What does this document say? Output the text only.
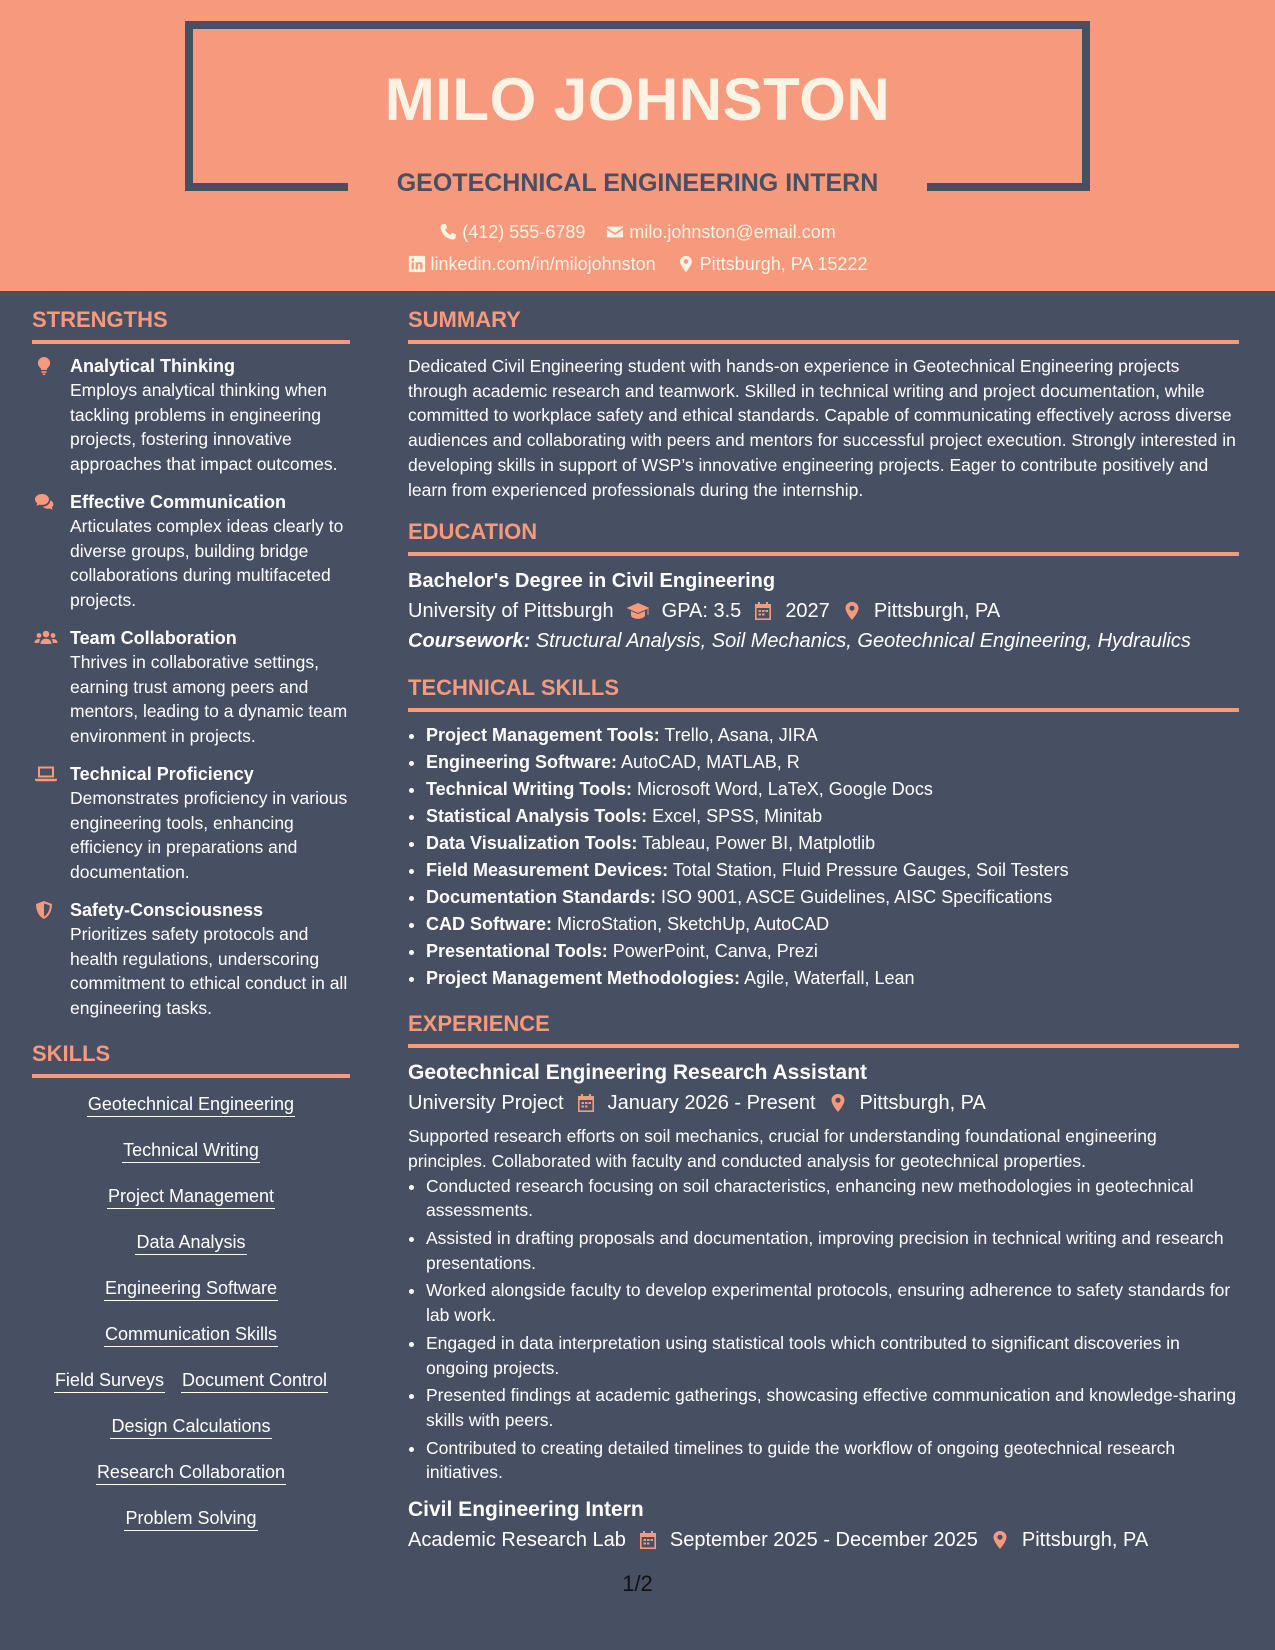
MILO JOHNSTON
GEOTECHNICAL ENGINEERING INTERN
(412) 555-6789
milo.johnston@email.com
linkedin.com/in/milojohnston
Pittsburgh, PA 15222
STRENGTHS
Analytical Thinking
Employs analytical thinking when tackling problems in engineering projects, fostering innovative approaches that impact outcomes.
Effective Communication
Articulates complex ideas clearly to diverse groups, building bridge collaborations during multifaceted projects.
Team Collaboration
Thrives in collaborative settings, earning trust among peers and mentors, leading to a dynamic team environment in projects.
Technical Proficiency
Demonstrates proficiency in various engineering tools, enhancing efficiency in preparations and documentation.
Safety-Consciousness
Prioritizes safety protocols and health regulations, underscoring commitment to ethical conduct in all engineering tasks.
SKILLS
Geotechnical Engineering
Technical Writing
Project Management
Data Analysis
Engineering Software
Communication Skills
Field Surveys Document Control
Design Calculations
Research Collaboration
Problem Solving
SUMMARY
Dedicated Civil Engineering student with hands-on experience in Geotechnical Engineering projects through academic research and teamwork. Skilled in technical writing and project documentation, while committed to workplace safety and ethical standards. Capable of communicating effectively across diverse audiences and collaborating with peers and mentors for successful project execution. Strongly interested in developing skills in support of WSP’s innovative engineering projects. Eager to contribute positively and learn from experienced professionals during the internship.
EDUCATION
Bachelor's Degree in Civil Engineering
University of Pittsburgh GPA: 3.5 2027 Pittsburgh, PA
Coursework: Structural Analysis, Soil Mechanics, Geotechnical Engineering, Hydraulics
TECHNICAL SKILLS
• Project Management Tools: Trello, Asana, JIRA
• Engineering Software: AutoCAD, MATLAB, R
• Technical Writing Tools: Microsoft Word, LaTeX, Google Docs
• Statistical Analysis Tools: Excel, SPSS, Minitab
• Data Visualization Tools: Tableau, Power BI, Matplotlib
• Field Measurement Devices: Total Station, Fluid Pressure Gauges, Soil Testers
• Documentation Standards: ISO 9001, ASCE Guidelines, AISC Specifications
• CAD Software: MicroStation, SketchUp, AutoCAD
• Presentational Tools: PowerPoint, Canva, Prezi
• Project Management Methodologies: Agile, Waterfall, Lean
EXPERIENCE
Geotechnical Engineering Research Assistant
University Project January 2026 - Present Pittsburgh, PA
Supported research efforts on soil mechanics, crucial for understanding foundational engineering principles. Collaborated with faculty and conducted analysis for geotechnical properties.
• Conducted research focusing on soil characteristics, enhancing new methodologies in geotechnical assessments.
• Assisted in drafting proposals and documentation, improving precision in technical writing and research presentations.
• Worked alongside faculty to develop experimental protocols, ensuring adherence to safety standards for lab work.
• Engaged in data interpretation using statistical tools which contributed to significant discoveries in ongoing projects.
• Presented findings at academic gatherings, showcasing effective communication and knowledge-sharing skills with peers.
• Contributed to creating detailed timelines to guide the workflow of ongoing geotechnical research initiatives.
Civil Engineering Intern
Academic Research Lab September 2025 - December 2025 Pittsburgh, PA
1/2
